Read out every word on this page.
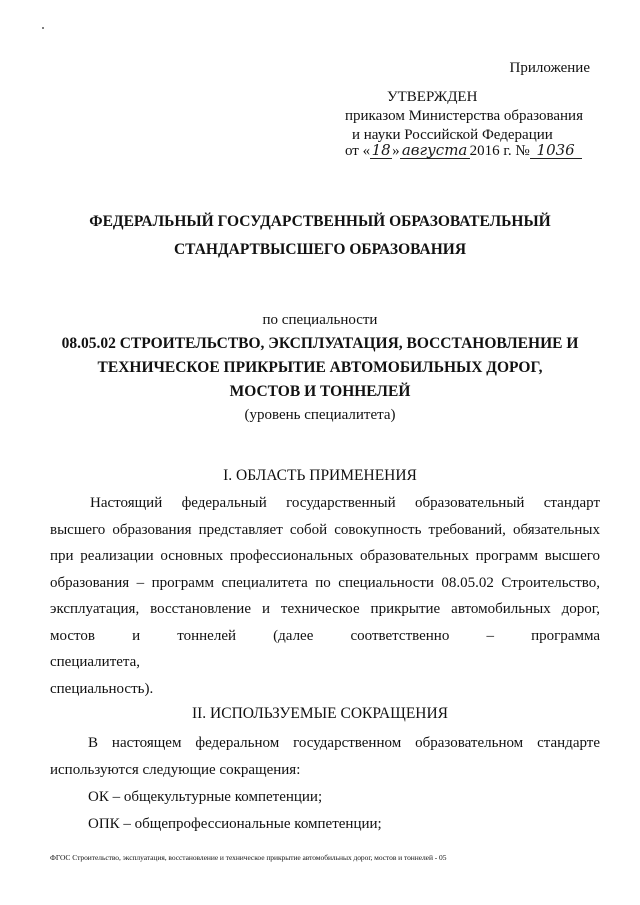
Приложение
УТВЕРЖДЕН
приказом Министерства образования
и науки Российской Федерации
от «18» августа 2016 г. № 1036
ФЕДЕРАЛЬНЫЙ ГОСУДАРСТВЕННЫЙ ОБРАЗОВАТЕЛЬНЫЙ
СТАНДАРТВЫСШЕГО ОБРАЗОВАНИЯ
по специальности
08.05.02 СТРОИТЕЛЬСТВО, ЭКСПЛУАТАЦИЯ, ВОССТАНОВЛЕНИЕ И
ТЕХНИЧЕСКОЕ ПРИКРЫТИЕ АВТОМОБИЛЬНЫХ ДОРОГ,
МОСТОВ И ТОННЕЛЕЙ
(уровень специалитета)
I. ОБЛАСТЬ ПРИМЕНЕНИЯ
Настоящий федеральный государственный образовательный стандарт
высшего образования представляет собой совокупность требований, обязательных
при реализации основных профессиональных образовательных программ высшего
образования – программ специалитета по специальности 08.05.02 Строительство,
эксплуатация, восстановление и техническое прикрытие автомобильных дорог,
мостов и тоннелей (далее соответственно – программа специалитета,
специальность).
II. ИСПОЛЬЗУЕМЫЕ СОКРАЩЕНИЯ
В настоящем федеральном государственном образовательном стандарте
используются следующие сокращения:
ОК – общекультурные компетенции;
ОПК – общепрофессиональные компетенции;
ФГОС Строительство, эксплуатация, восстановление и техническое прикрытие автомобильных дорог, мостов и тоннелей - 05
